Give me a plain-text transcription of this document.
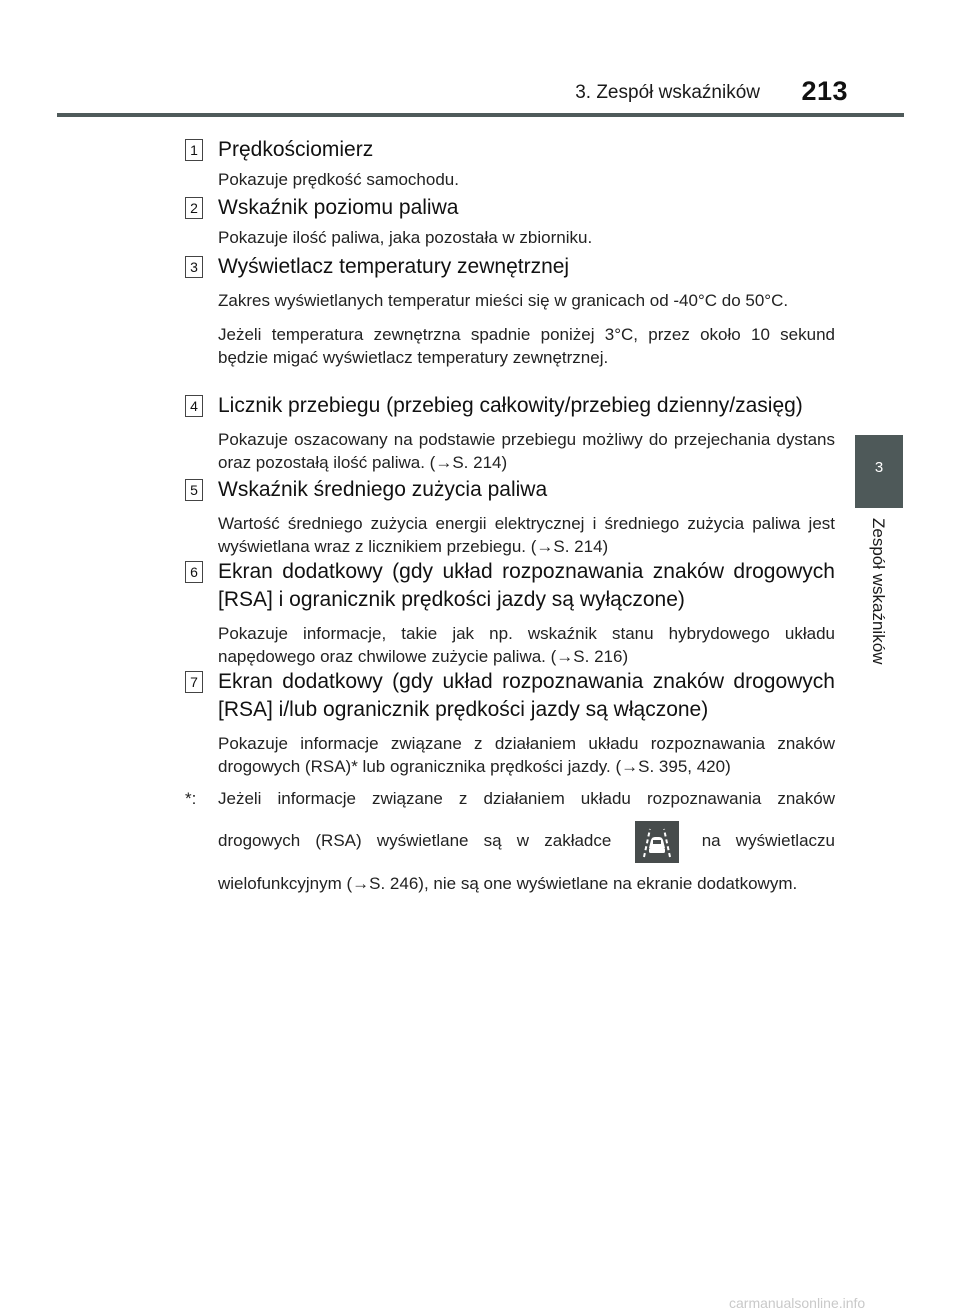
3. Zespół wskaźników	213
3
Zespół wskaźników
1 Prędkościomierz

Pokazuje prędkość samochodu.

2 Wskaźnik poziomu paliwa

Pokazuje ilość paliwa, jaka pozostała w zbiorniku.

3 Wyświetlacz temperatury zewnętrznej

Zakres wyświetlanych temperatur mieści się w granicach od -40°C do 50°C.

Jeżeli temperatura zewnętrzna spadnie poniżej 3°C, przez około 10 sekund będzie migać wyświetlacz temperatury zewnętrznej.

4 Licznik przebiegu (przebieg całkowity/przebieg dzienny/zasięg)

Pokazuje oszacowany na podstawie przebiegu możliwy do przejechania dystans oraz pozostałą ilość paliwa. (→S. 214)

5 Wskaźnik średniego zużycia paliwa

Wartość średniego zużycia energii elektrycznej i średniego zużycia paliwa jest wyświetlana wraz z licznikiem przebiegu. (→S. 214)

6 Ekran dodatkowy (gdy układ rozpoznawania znaków drogowych [RSA] i ogranicznik prędkości jazdy są wyłączone)

Pokazuje informacje, takie jak np. wskaźnik stanu hybrydowego układu napędowego oraz chwilowe zużycie paliwa. (→S. 216)

7 Ekran dodatkowy (gdy układ rozpoznawania znaków drogowych [RSA] i/lub ogranicznik prędkości jazdy są włączone)

Pokazuje informacje związane z działaniem układu rozpoznawania znaków drogowych (RSA)* lub ogranicznika prędkości jazdy. (→S. 395, 420)

*: Jeżeli informacje związane z działaniem układu rozpoznawania znaków drogowych (RSA) wyświetlane są w zakładce	na wyświetlaczu wielofunkcyjnym (→S. 246), nie są one wyświetlane na ekranie dodatkowym.
carmanualsonline.info
